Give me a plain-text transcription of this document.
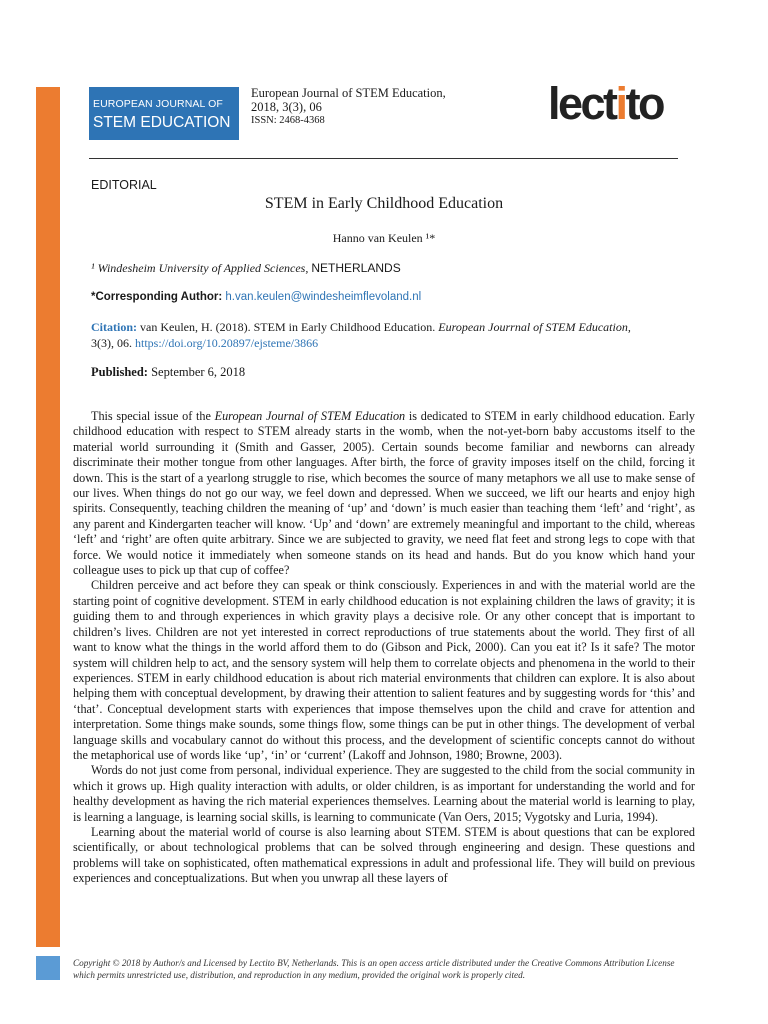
EUROPEAN JOURNAL OF
STEM EDUCATION
European Journal of STEM Education,
2018, 3(3), 06
ISSN: 2468-4368	lectito
EDITORIAL
STEM in Early Childhood Education
Hanno van Keulen ¹*
¹ Windesheim University of Applied Sciences, NETHERLANDS
*Corresponding Author: h.van.keulen@windesheimflevoland.nl
Citation: van Keulen, H. (2018). STEM in Early Childhood Education. European Jourrnal of STEM Education,
3(3), 06. https://doi.org/10.20897/ejsteme/3866
Published: September 6, 2018

This special issue of the European Journal of STEM Education is dedicated to STEM in early childhood education. Early childhood education with respect to STEM already starts in the womb, when the not-yet-born baby accustoms itself to the material world surrounding it (Smith and Gasser, 2005). Certain sounds become familiar and newborns can already discriminate their mother tongue from other languages. After birth, the force of gravity imposes itself on the child, forcing it down. This is the start of a yearlong struggle to rise, which becomes the source of many metaphors we all use to make sense of our lives. When things do not go our way, we feel down and depressed. When we succeed, we lift our hearts and enjoy high spirits. Consequently, teaching children the meaning of ‘up’ and ‘down’ is much easier than teaching them ‘left’ and ‘right’, as any parent and Kindergarten teacher will know. ‘Up’ and ‘down’ are extremely meaningful and important to the child, whereas ‘left’ and ‘right’ are often quite arbitrary. Since we are subjected to gravity, we need flat feet and strong legs to cope with that force. We would notice it immediately when someone stands on its head and hands. But do you know which hand your colleague uses to pick up that cup of coffee?

Children perceive and act before they can speak or think consciously. Experiences in and with the material world are the starting point of cognitive development. STEM in early childhood education is not explaining children the laws of gravity; it is guiding them to and through experiences in which gravity plays a decisive role. Or any other concept that is important to children’s lives. Children are not yet interested in correct reproductions of true statements about the world. They first of all want to know what the things in the world afford them to do (Gibson and Pick, 2000). Can you eat it? Is it safe? The motor system will children help to act, and the sensory system will help them to correlate objects and phenomena in the world to their experiences. STEM in early childhood education is about rich material environments that children can explore. It is also about helping them with conceptual development, by drawing their attention to salient features and by suggesting words for ‘this’ and ‘that’. Conceptual development starts with experiences that impose themselves upon the child and crave for attention and interpretation. Some things make sounds, some things flow, some things can be put in other things. The development of verbal language skills and vocabulary cannot do without this process, and the development of scientific concepts cannot do without the metaphorical use of words like ‘up’, ‘in’ or ‘current’ (Lakoff and Johnson, 1980; Browne, 2003).

Words do not just come from personal, individual experience. They are suggested to the child from the social community in which it grows up. High quality interaction with adults, or older children, is as important for understanding the world and for healthy development as having the rich material experiences themselves. Learning about the material world is learning to play, is learning a language, is learning social skills, is learning to communicate (Van Oers, 2015; Vygotsky and Luria, 1994).

Learning about the material world of course is also learning about STEM. STEM is about questions that can be explored scientifically, or about technological problems that can be solved through engineering and design. These questions and problems will take on sophisticated, often mathematical expressions in adult and professional life. They will build on previous experiences and conceptualizations. But when you unwrap all these layers of

Copyright © 2018 by Author/s and Licensed by Lectito BV, Netherlands. This is an open access article distributed under the Creative Commons Attribution License which permits unrestricted use, distribution, and reproduction in any medium, provided the original work is properly cited.
